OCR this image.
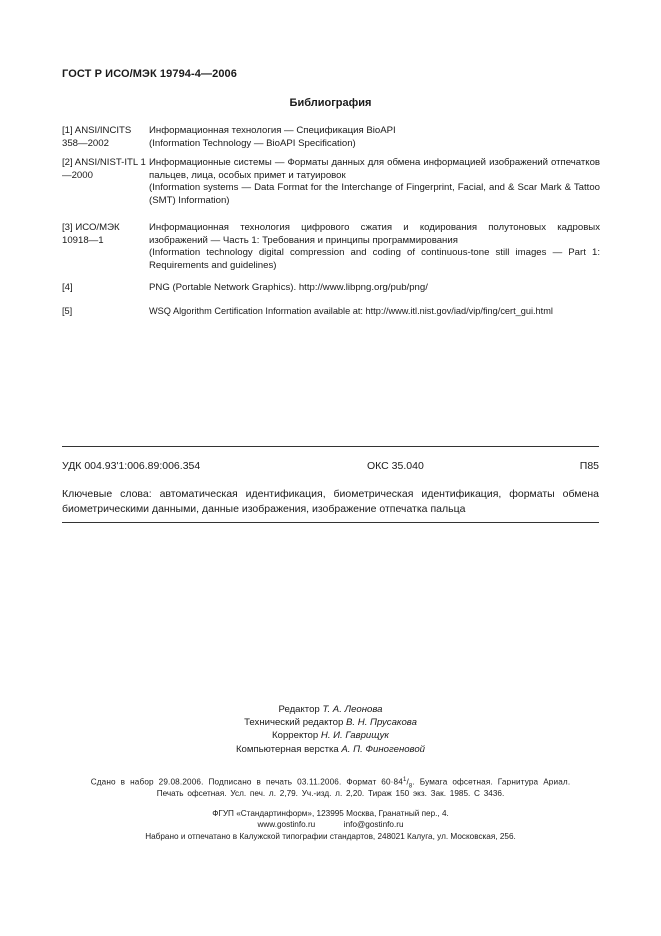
ГОСТ Р ИСО/МЭК 19794-4—2006
Библиография
[1] ANSI/INCITS 358—2002
Информационная технология — Спецификация BioAPI
(Information Technology — BioAPI Specification)
[2] ANSI/NIST-ITL 1—2000
Информационные системы — Форматы данных для обмена информацией изображений отпечатков пальцев, лица, особых примет и татуировок
(Information systems — Data Format for the Interchange of Fingerprint, Facial, and & Scar Mark & Tattoo (SMT) Information)
[3] ИСО/МЭК 10918—1
Информационная технология цифрового сжатия и кодирования полутоновых кадровых изображений — Часть 1: Требования и принципы программирования
(Information technology digital compression and coding of continuous-tone still images — Part 1: Requirements and guidelines)
[4]	PNG (Portable Network Graphics). http://www.libpng.org/pub/png/
[5]	WSQ Algorithm Certification Information available at: http://www.itl.nist.gov/iad/vip/fing/cert_gui.html
УДК 004.93'1:006.89:006.354	ОКС 35.040	П85
Ключевые слова: автоматическая идентификация, биометрическая идентификация, форматы обмена биометрическими данными, данные изображения, изображение отпечатка пальца
Редактор Т. А. Леонова
Технический редактор В. Н. Прусакова
Корректор Н. И. Гаврищук
Компьютерная верстка А. П. Финогеновой
Сдано в набор 29.08.2006. Подписано в печать 03.11.2006. Формат $60\cdot 84^1/_8$. Бумага офсетная. Гарнитура Ариал.
Печать офсетная. Усл. печ. л. 2,79. Уч.-изд. л. 2,20. Тираж 150 экз. Зак. 1985. С 3436.
ФГУП «Стандартинформ», 123995 Москва, Гранатный пер., 4.
www.gostinfo.ru	info@gostinfo.ru
Набрано и отпечатано в Калужской типографии стандартов, 248021 Калуга, ул. Московская, 256.
